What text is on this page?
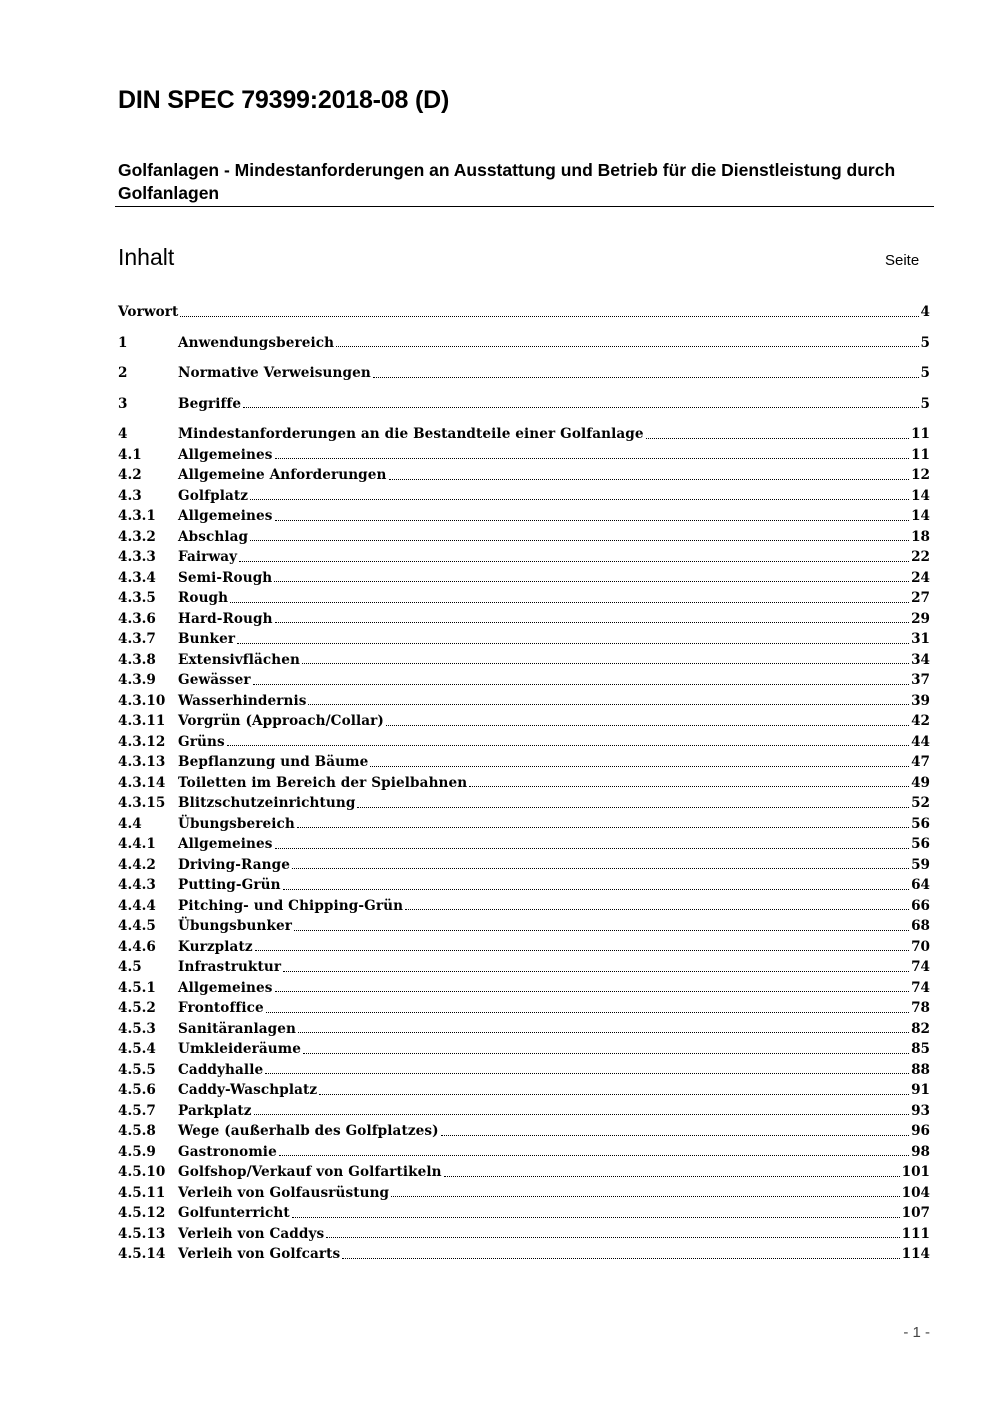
DIN SPEC 79399:2018-08 (D)
Golfanlagen - Mindestanforderungen an Ausstattung und Betrieb für die Dienstleistung durch Golfanlagen
Inhalt	Seite
Vorwort	4
1	Anwendungsbereich	5
2	Normative Verweisungen	5
3	Begriffe	5
4	Mindestanforderungen an die Bestandteile einer Golfanlage	11
4.1	Allgemeines	11
4.2	Allgemeine Anforderungen	12
4.3	Golfplatz	14
4.3.1	Allgemeines	14
4.3.2	Abschlag	18
4.3.3	Fairway	22
4.3.4	Semi-Rough	24
4.3.5	Rough	27
4.3.6	Hard-Rough	29
4.3.7	Bunker	31
4.3.8	Extensivflächen	34
4.3.9	Gewässer	37
4.3.10 Wasserhindernis	39
4.3.11 Vorgrün (Approach/Collar)	42
4.3.12 Grüns	44
4.3.13 Bepflanzung und Bäume	47
4.3.14 Toiletten im Bereich der Spielbahnen	49
4.3.15 Blitzschutzeinrichtung	52
4.4	Übungsbereich	56
4.4.1	Allgemeines	56
4.4.2	Driving-Range	59
4.4.3	Putting-Grün	64
4.4.4	Pitching- und Chipping-Grün	66
4.4.5	Übungsbunker	68
4.4.6	Kurzplatz	70
4.5	Infrastruktur	74
4.5.1	Allgemeines	74
4.5.2	Frontoffice	78
4.5.3	Sanitäranlagen	82
4.5.4	Umkleideräume	85
4.5.5	Caddyhalle	88
4.5.6	Caddy-Waschplatz	91
4.5.7	Parkplatz	93
4.5.8	Wege (außerhalb des Golfplatzes)	96
4.5.9	Gastronomie	98
4.5.10 Golfshop/Verkauf von Golfartikeln	101
4.5.11 Verleih von Golfausrüstung	104
4.5.12 Golfunterricht	107
4.5.13 Verleih von Caddys	111
4.5.14 Verleih von Golfcarts	114
- 1 -
